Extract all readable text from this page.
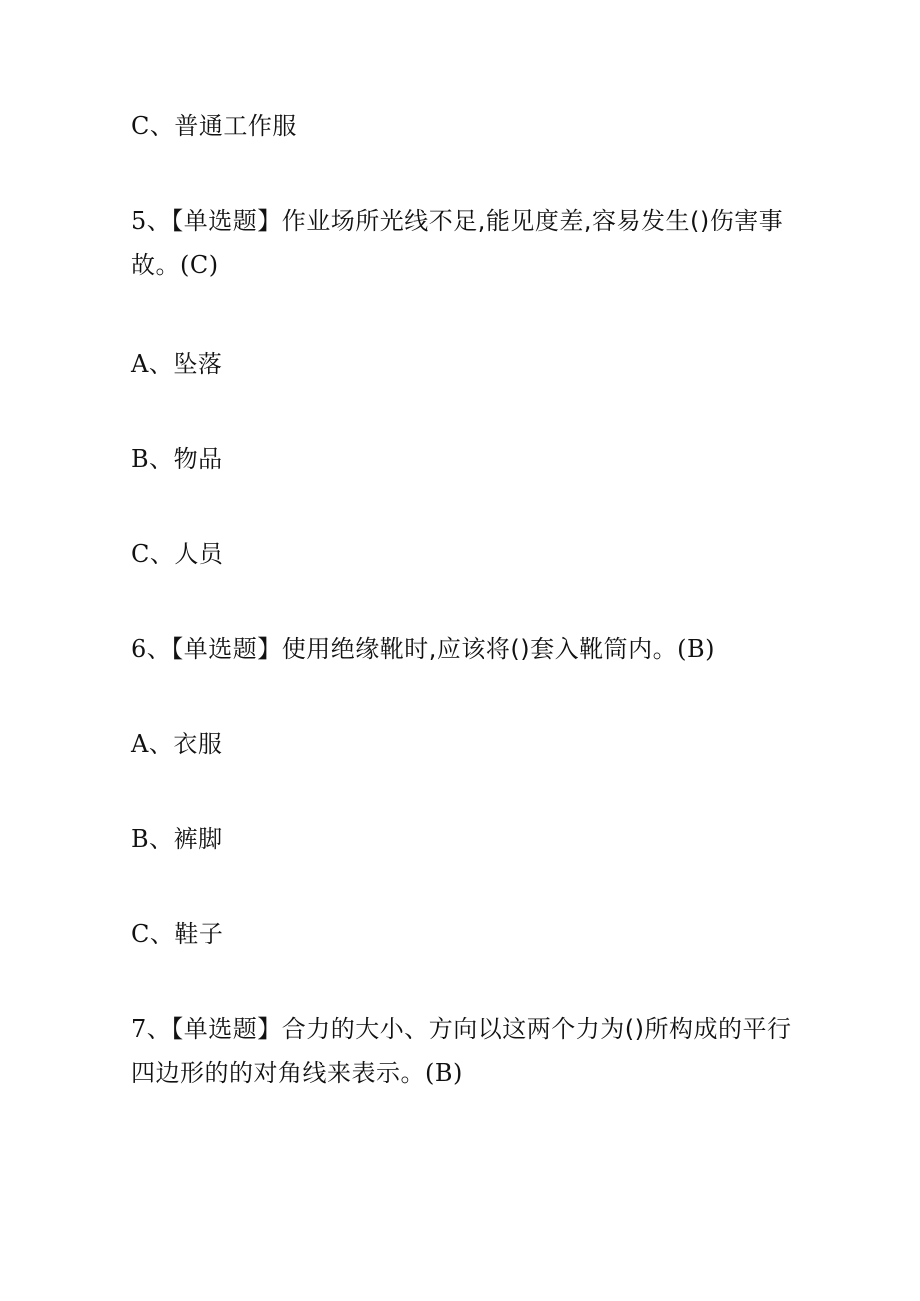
C、普通工作服
5、【单选题】作业场所光线不足,能见度差,容易发生()伤害事故。(C)
A、坠落
B、物品
C、人员
6、【单选题】使用绝缘靴时,应该将()套入靴筒内。(B)
A、衣服
B、裤脚
C、鞋子
7、【单选题】合力的大小、方向以这两个力为()所构成的平行四边形的的对角线来表示。(B)
